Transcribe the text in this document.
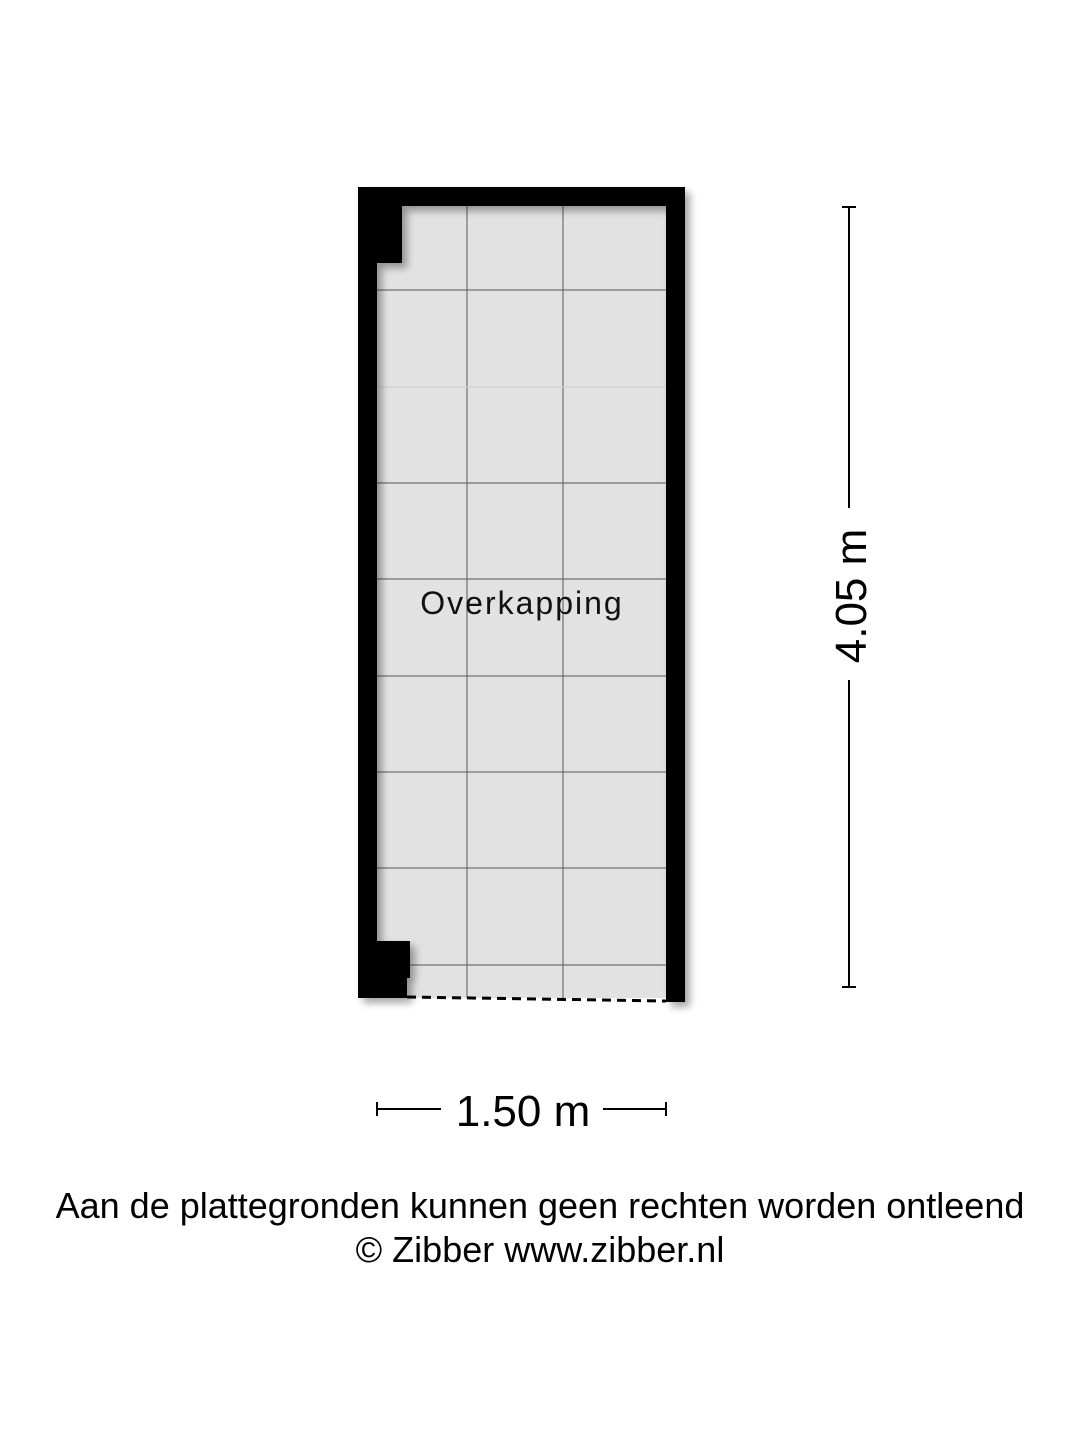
Overkapping	4.05 m
1.50 m
Aan de plattegronden kunnen geen rechten worden ontleend
© Zibber www.zibber.nl
